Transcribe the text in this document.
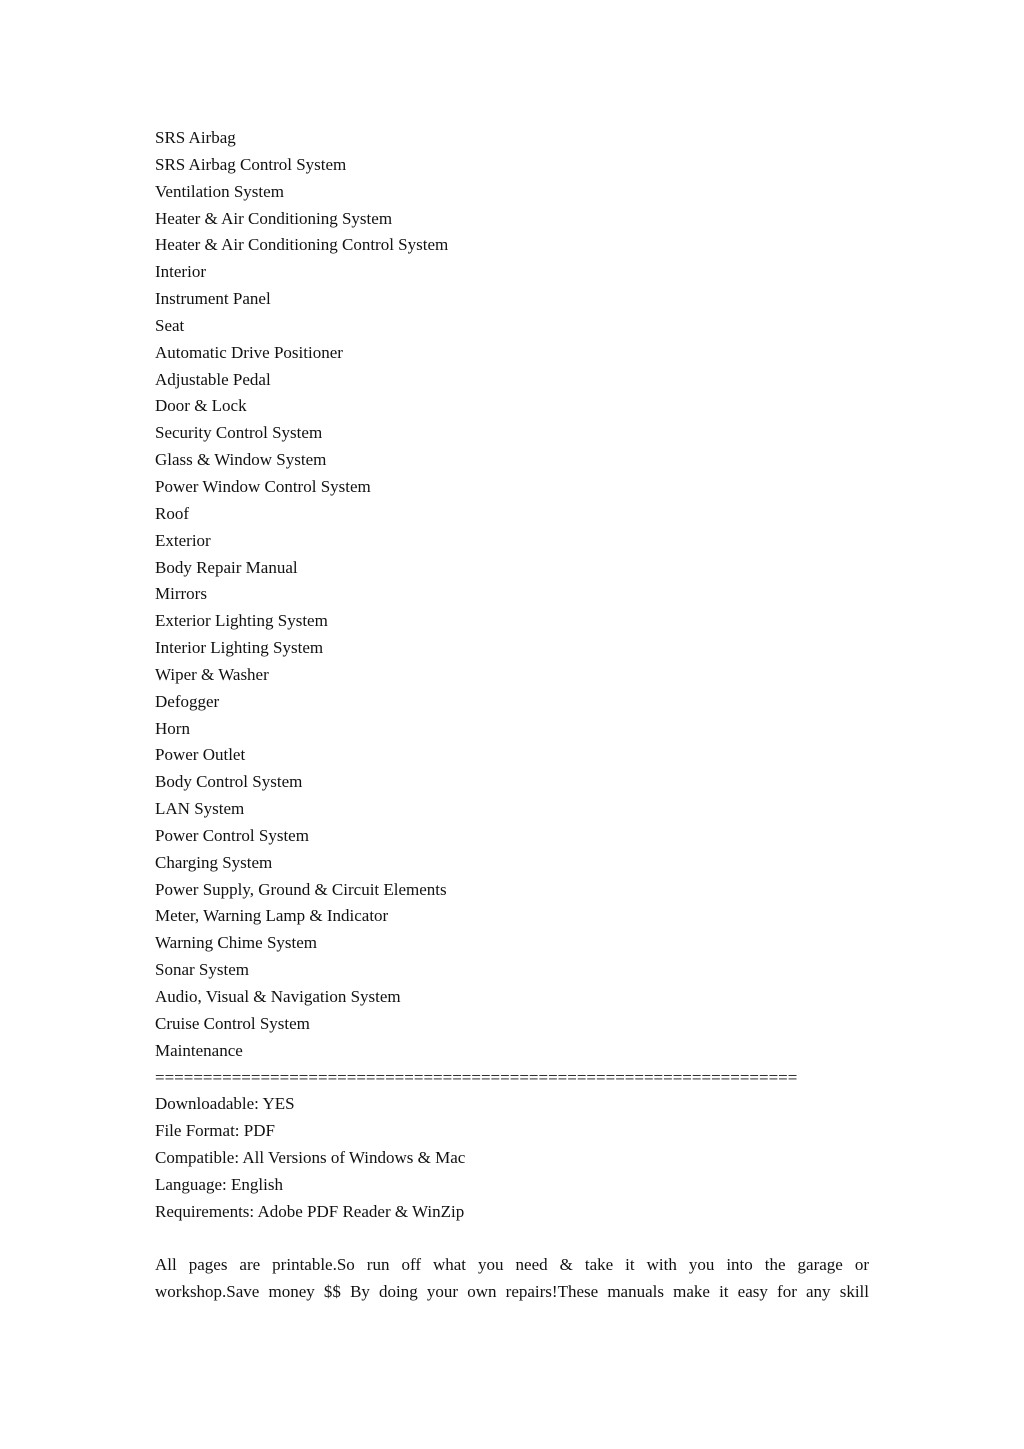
SRS Airbag
SRS Airbag Control System
Ventilation System
Heater & Air Conditioning System
Heater & Air Conditioning Control System
Interior
Instrument Panel
Seat
Automatic Drive Positioner
Adjustable Pedal
Door & Lock
Security Control System
Glass & Window System
Power Window Control System
Roof
Exterior
Body Repair Manual
Mirrors
Exterior Lighting System
Interior Lighting System
Wiper & Washer
Defogger
Horn
Power Outlet
Body Control System
LAN System
Power Control System
Charging System
Power Supply, Ground & Circuit Elements
Meter, Warning Lamp & Indicator
Warning Chime System
Sonar System
Audio, Visual & Navigation System
Cruise Control System
Maintenance
===================================================================
Downloadable: YES
File Format: PDF
Compatible: All Versions of Windows & Mac
Language: English
Requirements: Adobe PDF Reader & WinZip
All pages are printable.So run off what you need & take it with you into the garage or
workshop.Save money $$ By doing your own repairs!These manuals make it easy for any skill
